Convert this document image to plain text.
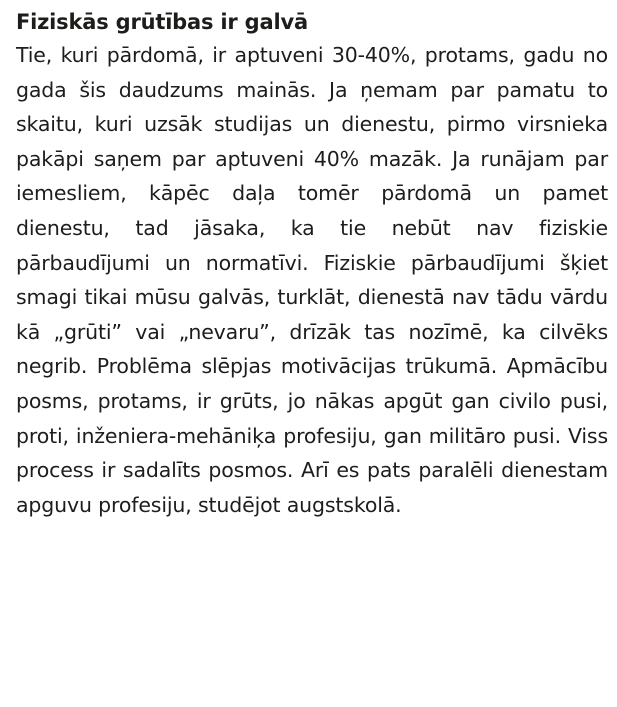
Fiziskās grūtības ir galvā

Tie, kuri pārdomā, ir aptuveni 30-40%, protams, gadu no gada šis daudzums mainās. Ja ņemam par pamatu to skaitu, kuri uzsāk studijas un dienestu, pirmo virsnieka pakāpi saņem par aptuveni 40% mazāk. Ja runājam par iemesliem, kāpēc daļa tomēr pārdomā un pamet dienestu, tad jāsaka, ka tie nebūt nav fiziskie pārbaudījumi un normatīvi. Fiziskie pārbaudījumi šķiet smagi tikai mūsu galvās, turklāt, dienestā nav tādu vārdu kā „grūti” vai „nevaru”, drīzāk tas nozīmē, ka cilvēks negrib. Problēma slēpjas motivācijas trūkumā. Apmācību posms, protams, ir grūts, jo nākas apgūt gan civilo pusi, proti, inženiera-mehāniķa profesiju, gan militāro pusi. Viss process ir sadalīts posmos. Arī es pats paralēli dienestam apguvu profesiju, studējot augstskolā.
